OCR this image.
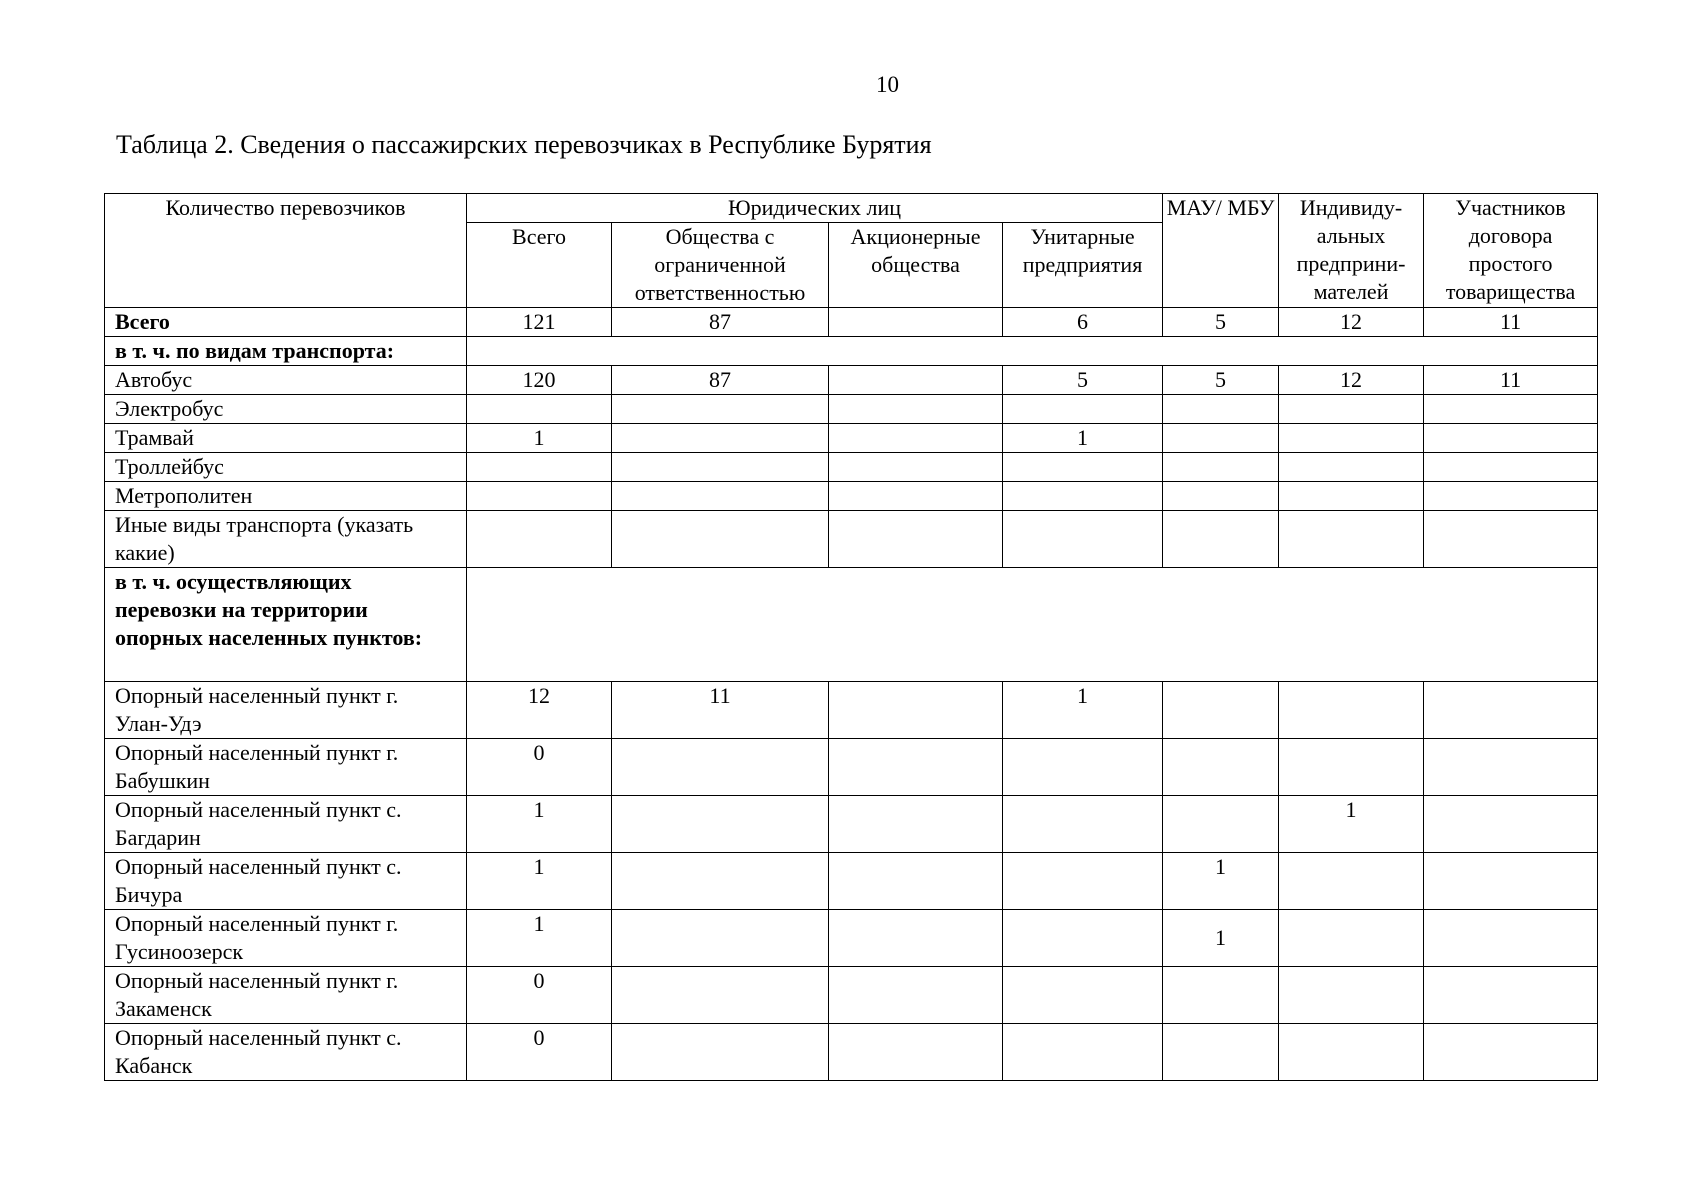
10
Таблица 2. Сведения о пассажирских перевозчиках в Республике Бурятия
Количество перевозчиков	Юридических лиц				МАУ/ МБУ	Индивиду-альных предприни-мателей	Участников договора простого товарищества
	Всего	Общества с ограниченной ответственностью	Акционерные общества	Унитарные предприятия			
Всего	121	87		6	5	12	11
в т. ч. по видам транспорта:							
Автобус	120	87		5	5	12	11
Электробус							
Трамвай	1			1			
Троллейбус							
Метрополитен							
Иные виды транспорта (указать какие)							
в т. ч. осуществляющих перевозки на территории опорных населенных пунктов:							
Опорный населенный пункт г. Улан-Удэ	12	11		1			
Опорный населенный пункт г. Бабушкин	0						
Опорный населенный пункт с. Багдарин	1					1	
Опорный населенный пункт с. Бичура	1				1		
Опорный населенный пункт г. Гусиноозерск	1				1		
Опорный населенный пункт г. Закаменск	0						
Опорный населенный пункт с. Кабанск	0						
